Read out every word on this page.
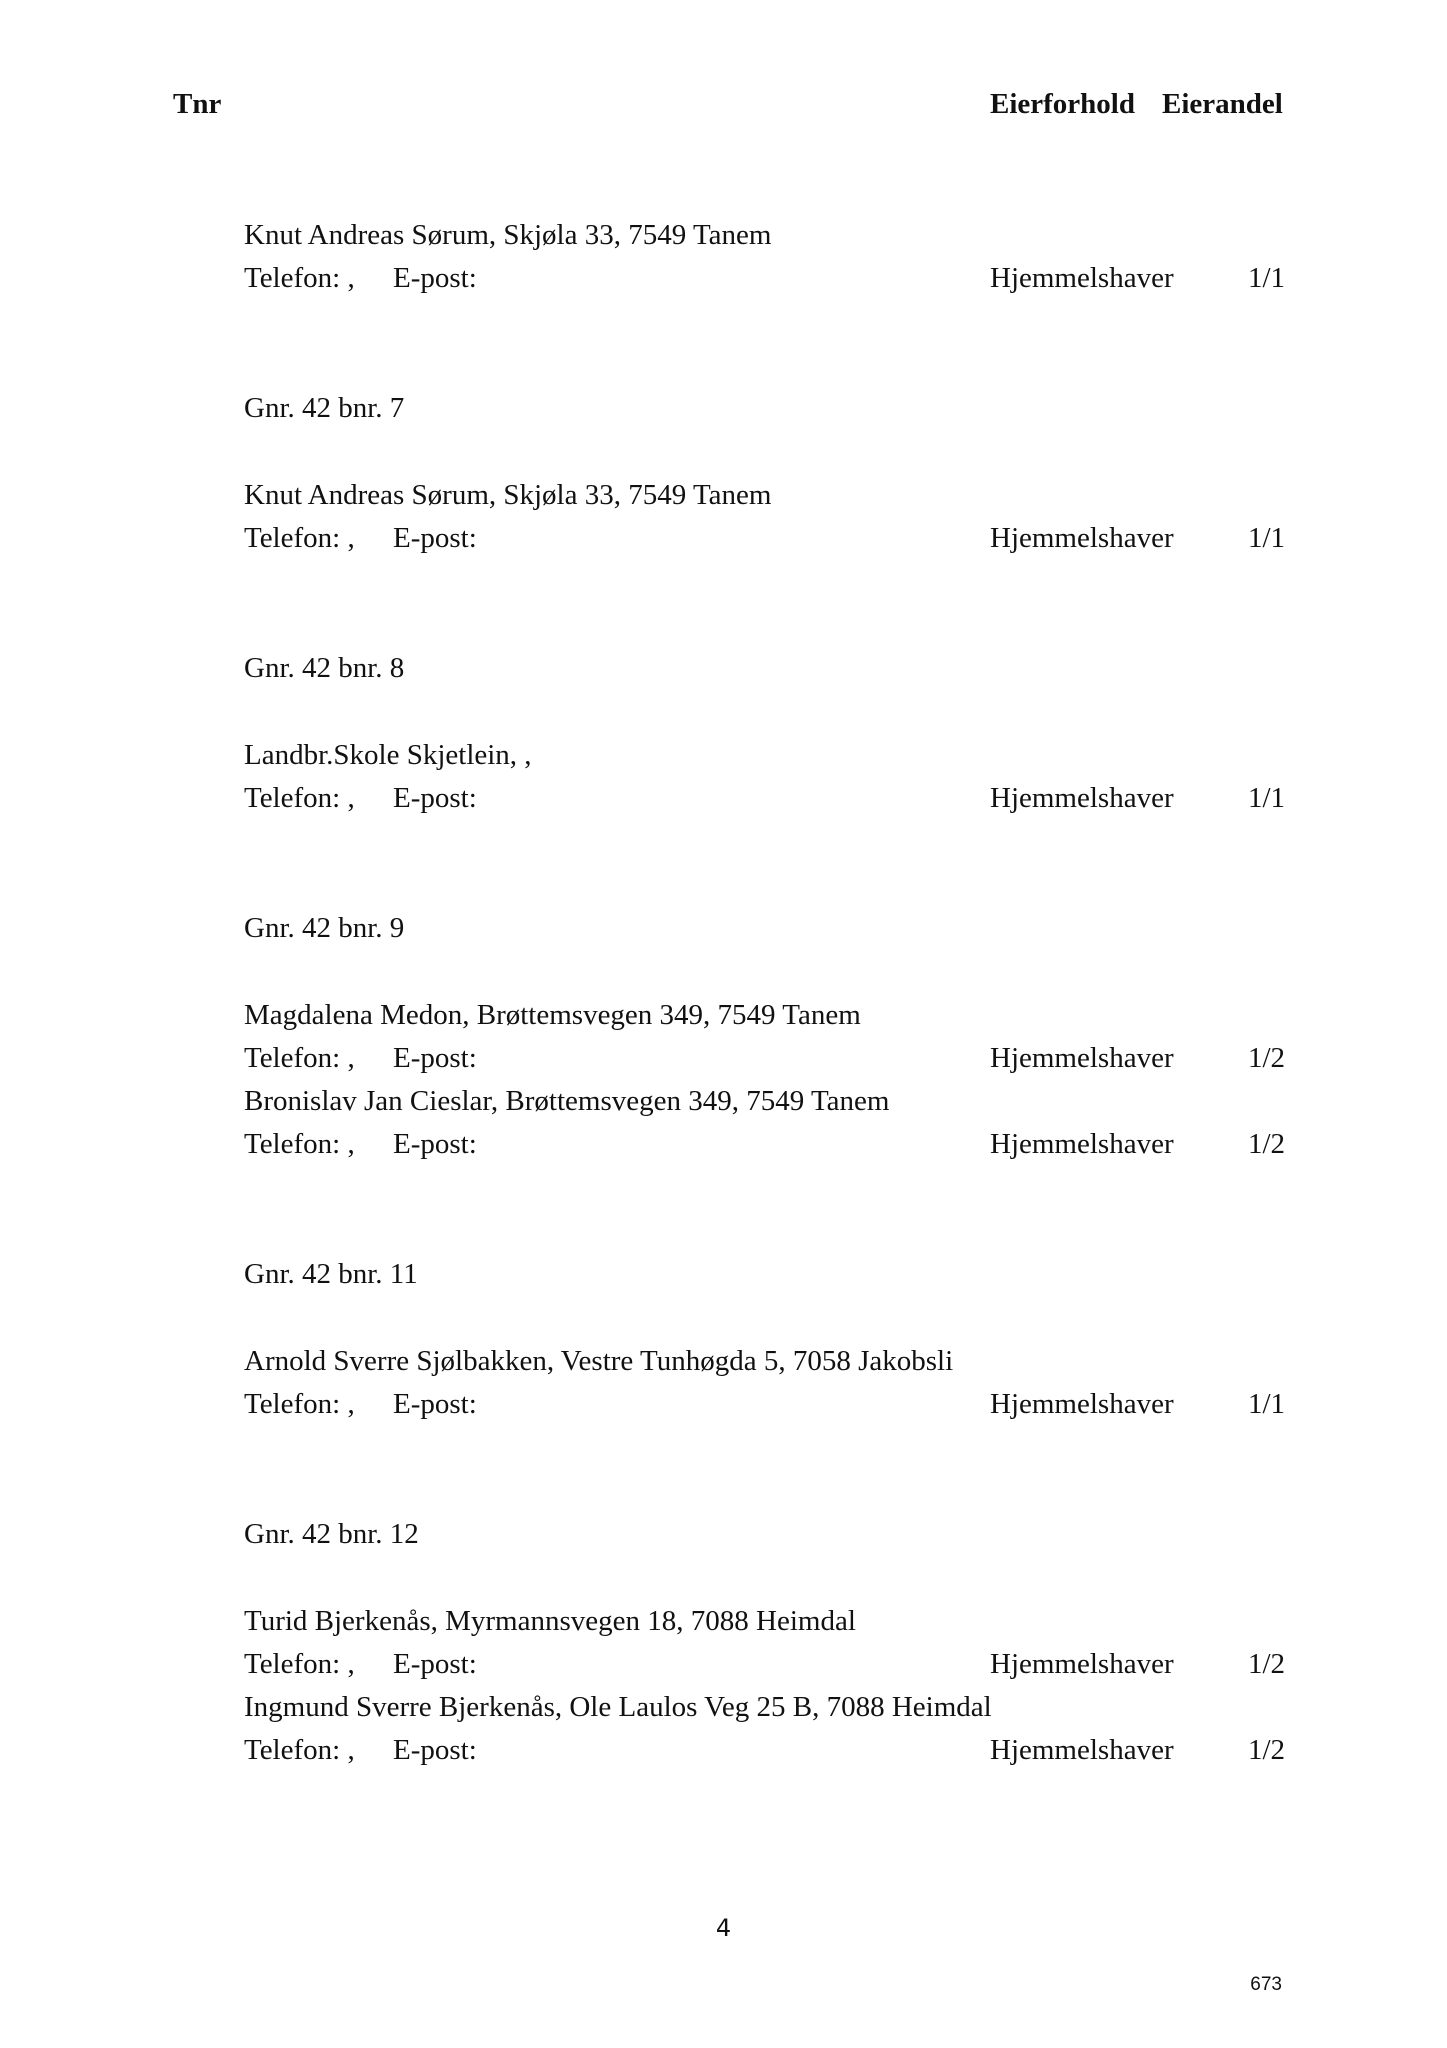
Tnr	Eierforhold Eierandel
Knut Andreas Sørum, Skjøla 33, 7549 Tanem
Telefon: , E-post:	Hjemmelshaver	1/1
Gnr. 42 bnr. 7
Knut Andreas Sørum, Skjøla 33, 7549 Tanem
Telefon: , E-post:	Hjemmelshaver	1/1
Gnr. 42 bnr. 8
Landbr.Skole Skjetlein, ,
Telefon: , E-post:	Hjemmelshaver	1/1
Gnr. 42 bnr. 9
Magdalena Medon, Brøttemsvegen 349, 7549 Tanem
Telefon: , E-post:	Hjemmelshaver	1/2
Bronislav Jan Cieslar, Brøttemsvegen 349, 7549 Tanem
Telefon: , E-post:	Hjemmelshaver	1/2
Gnr. 42 bnr. 11
Arnold Sverre Sjølbakken, Vestre Tunhøgda 5, 7058 Jakobsli
Telefon: , E-post:	Hjemmelshaver	1/1
Gnr. 42 bnr. 12
Turid Bjerkenås, Myrmannsvegen 18, 7088 Heimdal
Telefon: , E-post:	Hjemmelshaver	1/2
Ingmund Sverre Bjerkenås, Ole Laulos Veg 25 B, 7088 Heimdal
Telefon: , E-post:	Hjemmelshaver	1/2
4
673
